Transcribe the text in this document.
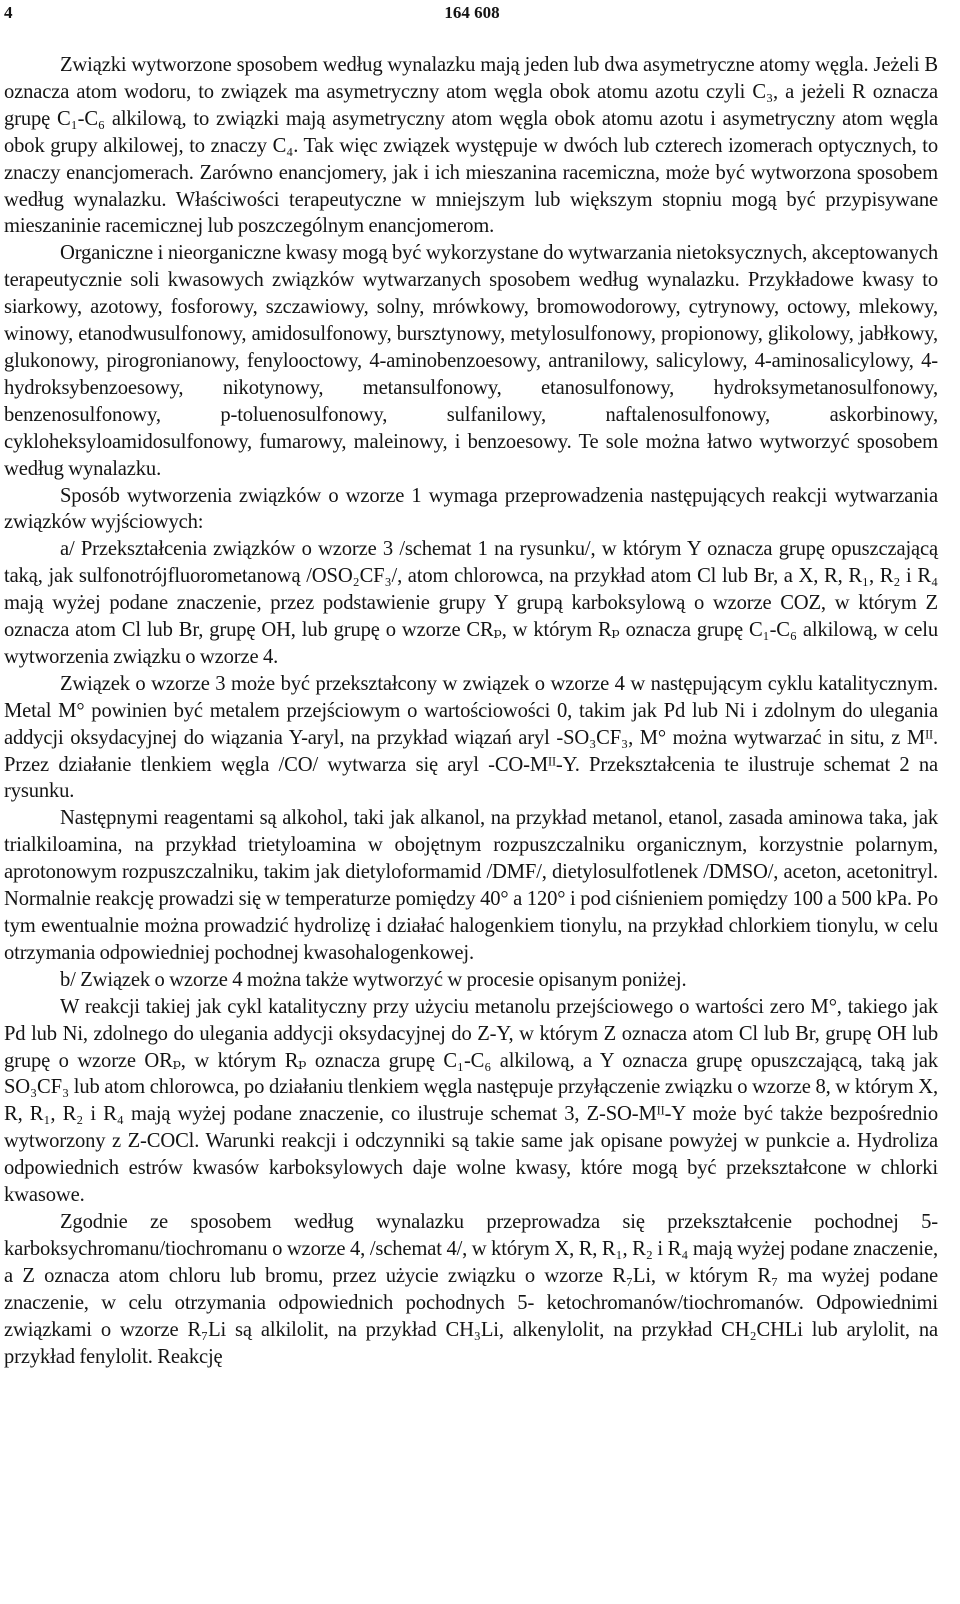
4	164 608

Związki wytworzone sposobem według wynalazku mają jeden lub dwa asymetryczne atomy węgla. Jeżeli B oznacza atom wodoru, to związek ma asymetryczny atom węgla obok atomu azotu czyli C₃, a jeżeli R oznacza grupę C₁-C₆ alkilową, to związki mają asymetryczny atom węgla obok atomu azotu i asymetryczny atom węgla obok grupy alkilowej, to znaczy C₄. Tak więc związek występuje w dwóch lub czterech izomerach optycznych, to znaczy enancjomerach. Zarówno enancjomery, jak i ich mieszanina racemiczna, może być wytworzona sposobem według wynalazku. Właściwości terapeutyczne w mniejszym lub większym stopniu mogą być przypisywane mieszaninie racemicznej lub poszczególnym enancjomerom.

Organiczne i nieorganiczne kwasy mogą być wykorzystane do wytwarzania nietoksycznych, akceptowanych terapeutycznie soli kwasowych związków wytwarzanych sposobem według wynalazku. Przykładowe kwasy to siarkowy, azotowy, fosforowy, szczawiowy, solny, mrówkowy, bromowodorowy, cytrynowy, octowy, mlekowy, winowy, etanodwusulfonowy, amidosulfonowy, bursztynowy, metylosulfonowy, propionowy, glikolowy, jabłkowy, glukonowy, pirogronianowy, fenylooctowy, 4-aminobenzoesowy, antranilowy, salicylowy, 4-aminosalicylowy, 4-hydroksybenzoesowy, nikotynowy, metansulfonowy, etanosulfonowy, hydroksymetanosulfonowy, benzenosulfonowy, p-toluenosulfonowy, sulfanilowy, naftalenosulfonowy, askorbinowy, cykloheksyloamidosulfonowy, fumarowy, maleinowy, i benzoesowy. Te sole można łatwo wytworzyć sposobem według wynalazku.

Sposób wytworzenia związków o wzorze 1 wymaga przeprowadzenia następujących reakcji wytwarzania związków wyjściowych:

a/ Przekształcenia związków o wzorze 3 /schemat 1 na rysunku/, w którym Y oznacza grupę opuszczającą taką, jak sulfonotrójfluorometanową /OSO₂CF₃/, atom chlorowca, na przykład atom Cl lub Br, a X, R, R₁, R₂ i R₄ mają wyżej podane znaczenie, przez podstawienie grupy Y grupą karboksylową o wzorze COZ, w którym Z oznacza atom Cl lub Br, grupę OH, lub grupę o wzorze CRₚ, w którym Rₚ oznacza grupę C₁-C₆ alkilową, w celu wytworzenia związku o wzorze 4.

Związek o wzorze 3 może być przekształcony w związek o wzorze 4 w następującym cyklu katalitycznym. Metal M° powinien być metalem przejściowym o wartościowości 0, takim jak Pd lub Ni i zdolnym do ulegania addycji oksydacyjnej do wiązania Y-aryl, na przykład wiązań aryl -SO₃CF₃, M° można wytwarzać in situ, z Mᴵᴵ. Przez działanie tlenkiem węgla /CO/ wytwarza się aryl -CO-Mᴵᴵ-Y. Przekształcenia te ilustruje schemat 2 na rysunku.

Następnymi reagentami są alkohol, taki jak alkanol, na przykład metanol, etanol, zasada aminowa taka, jak trialkiloamina, na przykład trietyloamina w obojętnym rozpuszczalniku organicznym, korzystnie polarnym, aprotonowym rozpuszczalniku, takim jak dietyloformamid /DMF/, dietylosulfotlenek /DMSO/, aceton, acetonitryl. Normalnie reakcję prowadzi się w temperaturze pomiędzy 40° a 120° i pod ciśnieniem pomiędzy 100 a 500 kPa. Po tym ewentualnie można prowadzić hydrolizę i działać halogenkiem tionylu, na przykład chlorkiem tionylu, w celu otrzymania odpowiedniej pochodnej kwasohalogenkowej.

b/ Związek o wzorze 4 można także wytworzyć w procesie opisanym poniżej.

W reakcji takiej jak cykl katalityczny przy użyciu metanolu przejściowego o wartości zero M°, takiego jak Pd lub Ni, zdolnego do ulegania addycji oksydacyjnej do Z-Y, w którym Z oznacza atom Cl lub Br, grupę OH lub grupę o wzorze ORₚ, w którym Rₚ oznacza grupę C₁-C₆ alkilową, a Y oznacza grupę opuszczającą, taką jak SO₃CF₃ lub atom chlorowca, po działaniu tlenkiem węgla następuje przyłączenie związku o wzorze 8, w którym X, R, R₁, R₂ i R₄ mają wyżej podane znaczenie, co ilustruje schemat 3, Z-SO-Mᴵᴵ-Y może być także bezpośrednio wytworzony z Z-COCl. Warunki reakcji i odczynniki są takie same jak opisane powyżej w punkcie a. Hydroliza odpowiednich estrów kwasów karboksylowych daje wolne kwasy, które mogą być przekształcone w chlorki kwasowe.

Zgodnie ze sposobem według wynalazku przeprowadza się przekształcenie pochodnej 5-karboksychromanu/tiochromanu o wzorze 4, /schemat 4/, w którym X, R, R₁, R₂ i R₄ mają wyżej podane znaczenie, a Z oznacza atom chloru lub bromu, przez użycie związku o wzorze R₇Li, w którym R₇ ma wyżej podane znaczenie, w celu otrzymania odpowiednich pochodnych 5- ketochromanów/tiochromanów. Odpowiednimi związkami o wzorze R₇Li są alkilolit, na przykład CH₃Li, alkenylolit, na przykład CH₂CHLi lub arylolit, na przykład fenylolit. Reakcję
